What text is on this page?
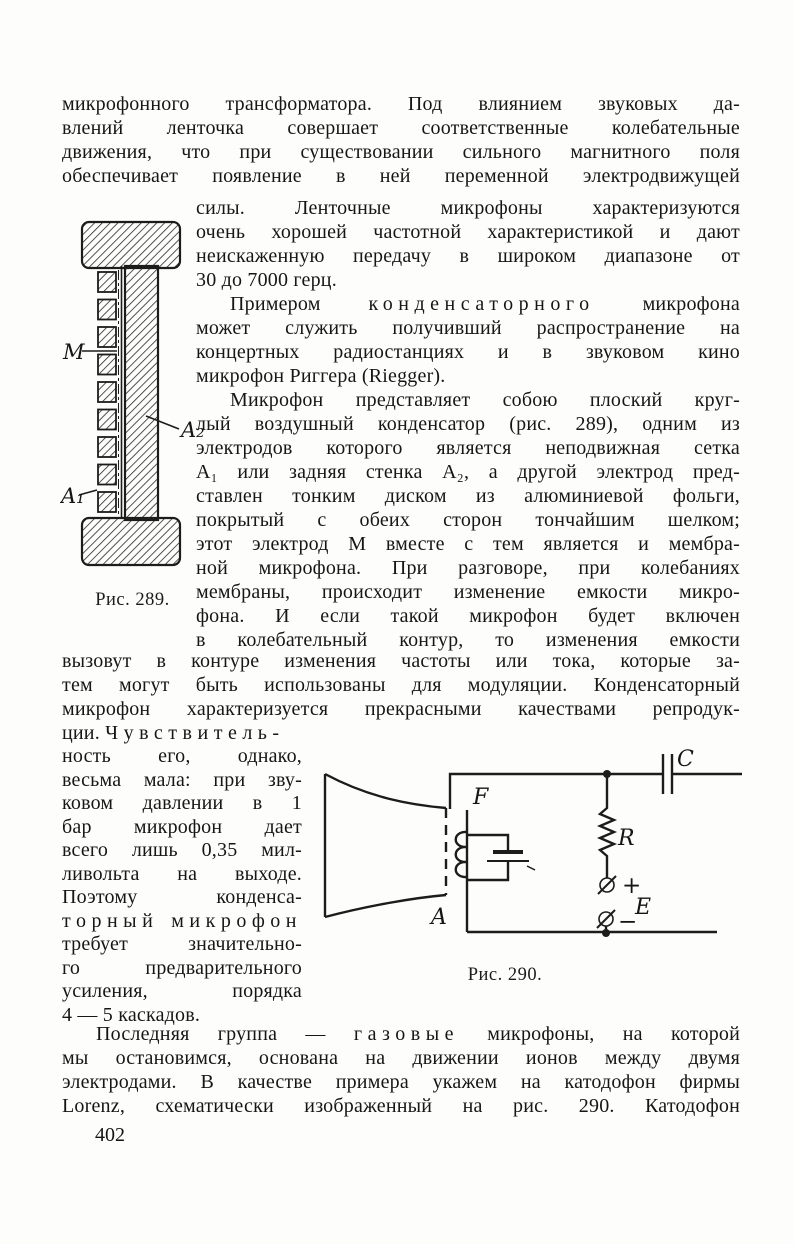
микрофонного трансформатора. Под влиянием звуковых да-
влений ленточка совершает соответственные колебательные
движения, что при существовании сильного магнитного поля
обеспечивает появление в ней переменной электродвижущей
M
A₂
A₁
Рис. 289.
силы. Ленточные микрофоны характеризуются
очень хорошей частотной характеристикой и дают
неискаженную передачу в широком диапазоне от
30 до 7000 герц.
Примером конденсаторного микрофона
может служить получивший распространение на
концертных радиостанциях и в звуковом кино
микрофон Риггера (Riegger).
Микрофон представляет собою плоский круг-
лый воздушный конденсатор (рис. 289), одним из
электродов которого является неподвижная сетка
A₁ или задняя стенка A₂, а другой электрод пред-
ставлен тонким диском из алюминиевой фольги,
покрытый с обеих сторон тончайшим шелком;
этот электрод M вместе с тем является и мембра-
ной микрофона. При разговоре, при колебаниях
мембраны, происходит изменение емкости микро-
фона. И если такой микрофон будет включен
в колебательный контур, то изменения емкости
вызовут в контуре изменения частоты или тока, которые за-
тем могут быть использованы для модуляции. Конденсаторный
микрофон характеризуется прекрасными качествами репродук-
ции. Чувствитель-
ность его, однако,
весьма мала: при зву-
ковом давлении в 1
бар микрофон дает
всего лишь 0,35 мил-
ливольта на выходе.
Поэтому конденса-
торный микрофон
требует значительно-
го предварительного
усиления, порядка
4 — 5 каскадов.
F
A
R
C
E
+
−
Рис. 290.
Последняя группа — газовые микрофоны, на которой
мы остановимся, основана на движении ионов между двумя
электродами. В качестве примера укажем на катодофон фирмы
Lorenz, схематически изображенный на рис. 290. Катодофон
402
